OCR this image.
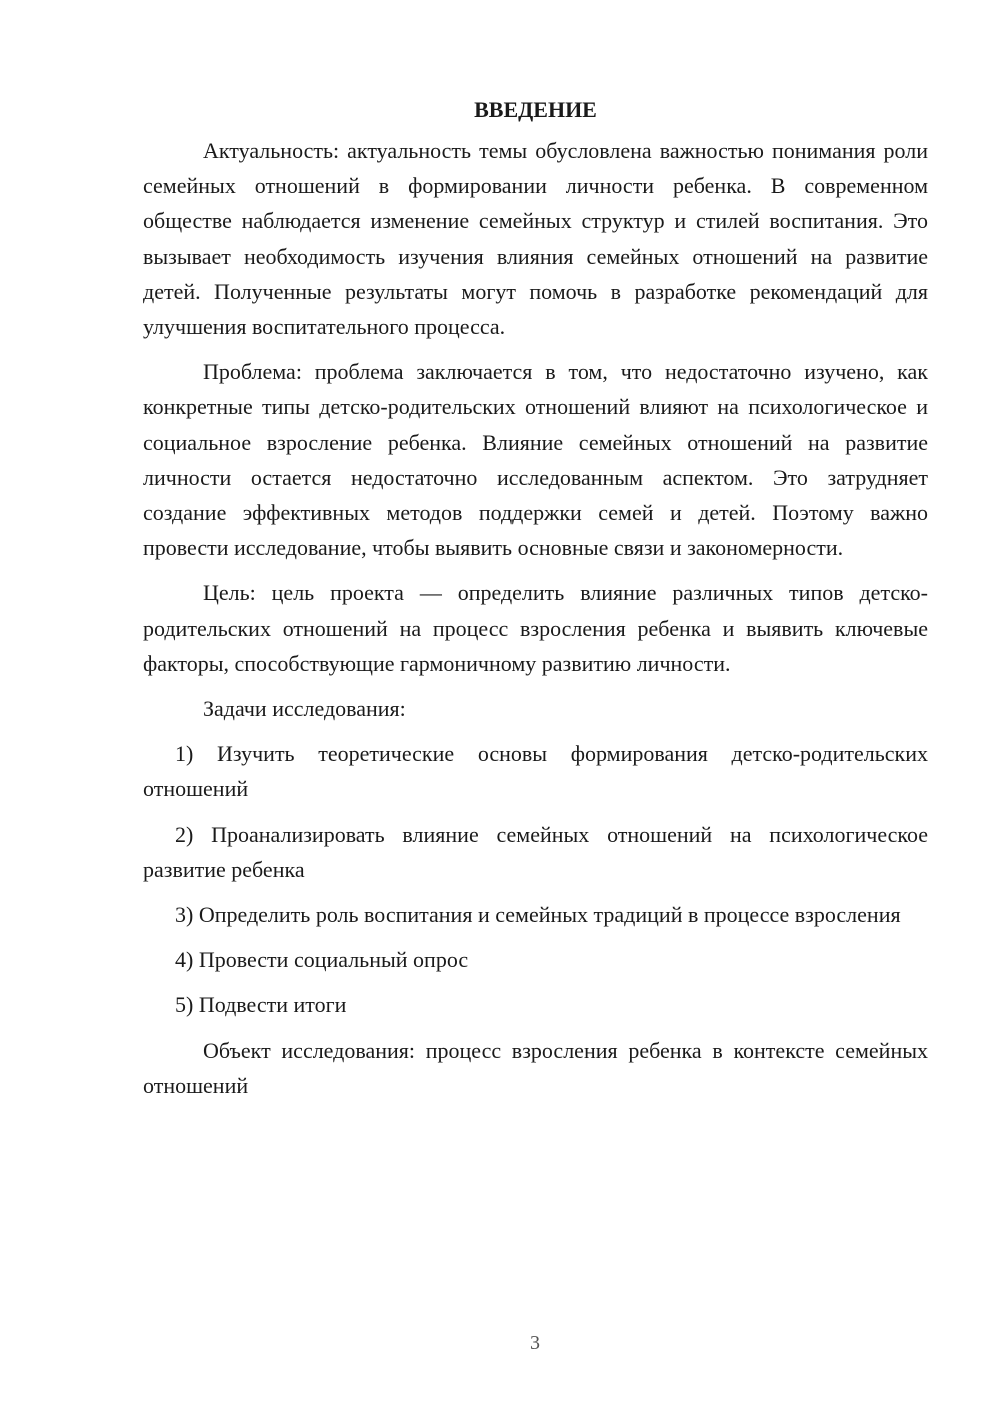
ВВЕДЕНИЕ

Актуальность: актуальность темы обусловлена важностью понимания роли семейных отношений в формировании личности ребенка. В современном обществе наблюдается изменение семейных структур и стилей воспитания. Это вызывает необходимость изучения влияния семейных отношений на развитие детей. Полученные результаты могут помочь в разработке рекомендаций для улучшения воспитательного процесса.

Проблема: проблема заключается в том, что недостаточно изучено, как конкретные типы детско-родительских отношений влияют на психологическое и социальное взросление ребенка. Влияние семейных отношений на развитие личности остается недостаточно исследованным аспектом. Это затрудняет создание эффективных методов поддержки семей и детей. Поэтому важно провести исследование, чтобы выявить основные связи и закономерности.

Цель: цель проекта — определить влияние различных типов детско-родительских отношений на процесс взросления ребенка и выявить ключевые факторы, способствующие гармоничному развитию личности.

Задачи исследования:

1) Изучить теоретические основы формирования детско-родительских отношений

2) Проанализировать влияние семейных отношений на психологическое развитие ребенка

3) Определить роль воспитания и семейных традиций в процессе взросления

4) Провести социальный опрос

5) Подвести итоги

Объект исследования: процесс взросления ребенка в контексте семейных отношений

3
